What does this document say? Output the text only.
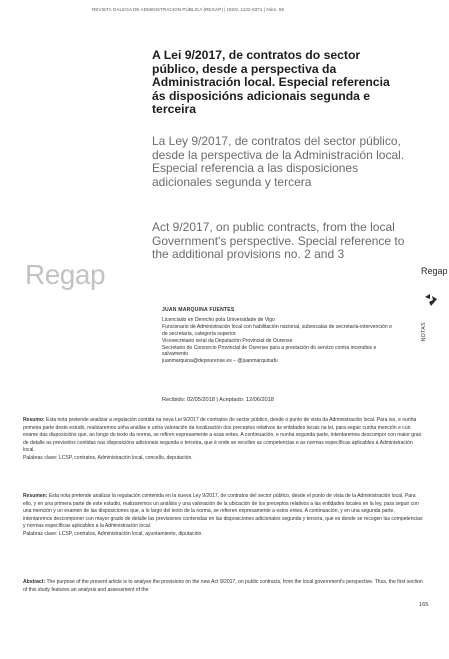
REVISTA GALEGA DE ADMINISTRACIÓN PÚBLICA (REGAP) | ISSN: 1132-8371 | Núm. 55
A Lei 9/2017, de contratos do sector público, desde a perspectiva da Administración local. Especial referencia ás disposicións adicionais segunda e terceira
La Ley 9/2017, de contratos del sector público, desde la perspectiva de la Administración local. Especial referencia a las disposiciones adicionales segunda y tercera
Act 9/2017, on public contracts, from the local Government's perspective. Special reference to the additional provisions no. 2 and 3
Regap	Regap
NOTAS
JUAN MARQUINA FUENTES
Licenciado en Derecho pola Universidade de Vigo
Funcionario de Administración local con habilitación nacional, subescalas de secretaría-intervención e de secretaría, categoría superior.
Vicesecretario xeral da Deputación Provincial de Ourense
Secretario do Consorcio Provincial de Ourense para a prestación do servizo contra incendios e salvamento
juanmarquina@depourense.es – @juanmarquinafu
Recibido: 02/05/2018 | Aceptado: 12/06/2018
Resumo: Esta nota pretende analizar a regulación contida na nova Lei 9/2017 de contratos do sector público, desde o punto de vista da Administración local. Para iso, e nunha primeira parte deste estudo, realizaremos unha análise e unha valoración da localización dos preceptos relativos ás entidades locais na lei, para seguir cunha mención e cun exame das disposicións que, ao longo do texto da norma, se refiren expresamente a esas entes. A continuación, e nunha segunda parte, intentaremos descompor con maior grao de detalle as previsións contidas nas disposicións adicionais segunda e terceira, que é onde se recollen as competencias e as normas específicas aplicables á Administración local.
Palabras clave: LCSP, contratos, Administración local, concello, deputación.
Resumen: Esta nota pretende analizar la regulación contenida en la nueva Ley 9/2017, de contratos del sector público, desde el punto de vista de la Administración local. Para ello, y en una primera parte de este estudio, realizaremos un análisis y una valoración de la ubicación de los preceptos relativos a las entidades locales en la ley, para seguir con una mención y un examen de las disposiciones que, a lo largo del texto de la norma, se refieren expresamente a estos entes. A continuación, y en una segunda parte, intentaremos descomponer con mayor grado de detalle las previsiones contenidas en las disposiciones adicionales segunda y tercera, que es donde se recogen las competencias y normas específicas aplicables a la Administración local.
Palabras clave: LCSP, contratos, Administración local, ayuntamiento, diputación.
Abstract: The purpose of the present article is to analyse the provisions on the new Act 9/2017, on public contracts, from the local government's perspective. Thus, the first section of this study features an analysis and assessment of the
165
